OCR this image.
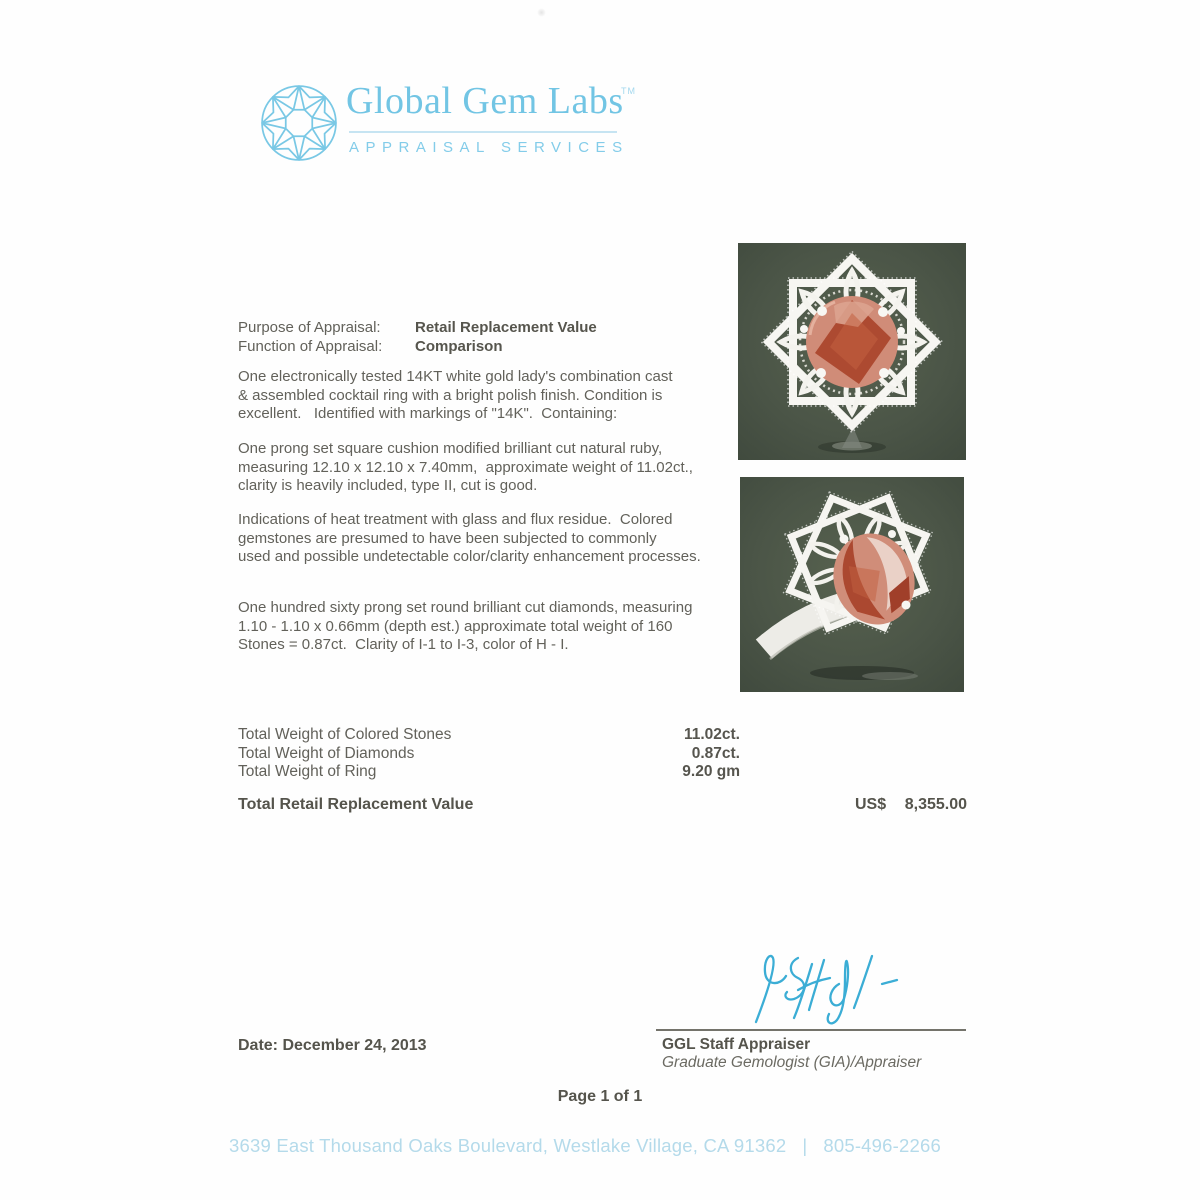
Global Gem Labs
TM
APPRAISAL SERVICES
Purpose of Appraisal:	Retail Replacement Value
Function of Appraisal:	Comparison
One electronically tested 14KT white gold lady's combination cast
& assembled cocktail ring with a bright polish finish. Condition is
excellent.   Identified with markings of "14K".  Containing:
One prong set square cushion modified brilliant cut natural ruby,
measuring 12.10 x 12.10 x 7.40mm,  approximate weight of 11.02ct.,
clarity is heavily included, type II, cut is good.
Indications of heat treatment with glass and flux residue.  Colored
gemstones are presumed to have been subjected to commonly
used and possible undetectable color/clarity enhancement processes.
One hundred sixty prong set round brilliant cut diamonds, measuring
1.10 - 1.10 x 0.66mm (depth est.) approximate total weight of 160
Stones = 0.87ct.  Clarity of I-1 to I-3, color of H - I.
Total Weight of Colored Stones	11.02ct.
Total Weight of Diamonds	0.87ct.
Total Weight of Ring	9.20 gm
Total Retail Replacement Value	US$ 8,355.00
GGL Staff Appraiser
Graduate Gemologist (GIA)/Appraiser
Date: December 24, 2013
Page 1 of 1
3639 East Thousand Oaks Boulevard, Westlake Village, CA 91362   |   805-496-2266
